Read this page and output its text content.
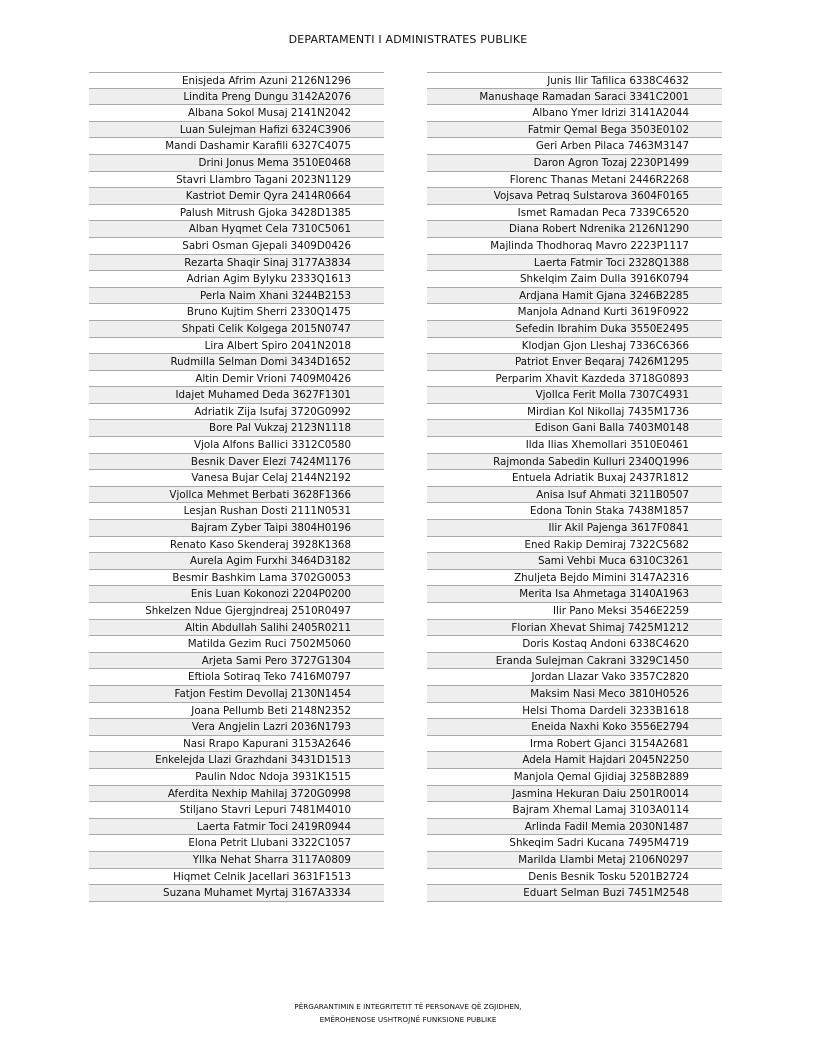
DEPARTAMENTI I ADMINISTRATES PUBLIKE
Enisjeda Afrim Azuni 2126N1296
Lindita Preng Dungu 3142A2076
Albana Sokol Musaj 2141N2042
Luan Sulejman Hafizi 6324C3906
Mandi Dashamir Karafili 6327C4075
Drini Jonus Mema 3510E0468
Stavri Llambro Tagani 2023N1129
Kastriot Demir Qyra 2414R0664
Palush Mitrush Gjoka 3428D1385
Alban Hyqmet Cela 7310C5061
Sabri Osman Gjepali 3409D0426
Rezarta Shaqir Sinaj 3177A3834
Adrian Agim Bylyku 2333Q1613
Perla Naim Xhani 3244B2153
Bruno Kujtim Sherri 2330Q1475
Shpati Celik Kolgega 2015N0747
Lira Albert Spiro 2041N2018
Rudmilla Selman Domi 3434D1652
Altin Demir Vrioni 7409M0426
Idajet Muhamed Deda 3627F1301
Adriatik Zija Isufaj 3720G0992
Bore Pal Vukzaj 2123N1118
Vjola Alfons Ballici 3312C0580
Besnik Daver Elezi 7424M1176
Vanesa Bujar Celaj 2144N2192
Vjollca Mehmet Berbati 3628F1366
Lesjan Rushan Dosti 2111N0531
Bajram Zyber Taipi 3804H0196
Renato Kaso Skenderaj 3928K1368
Aurela Agim Furxhi 3464D3182
Besmir Bashkim Lama 3702G0053
Enis Luan Kokonozi 2204P0200
Shkelzen Ndue Gjergjndreaj 2510R0497
Altin Abdullah Salihi 2405R0211
Matilda Gezim Ruci 7502M5060
Arjeta Sami Pero 3727G1304
Eftiola Sotiraq Teko 7416M0797
Fatjon Festim Devollaj 2130N1454
Joana Pellumb Beti 2148N2352
Vera Angjelin Lazri 2036N1793
Nasi Rrapo Kapurani 3153A2646
Enkelejda Llazi Grazhdani 3431D1513
Paulin Ndoc Ndoja 3931K1515
Aferdita Nexhip Mahilaj 3720G0998
Stiljano Stavri Lepuri 7481M4010
Laerta Fatmir Toci 2419R0944
Elona Petrit Llubani 3322C1057
Yllka Nehat Sharra 3117A0809
Hiqmet Celnik Jacellari 3631F1513
Suzana Muhamet Myrtaj 3167A3334
Junis Ilir Tafilica 6338C4632
Manushaqe Ramadan Saraci 3341C2001
Albano Ymer Idrizi 3141A2044
Fatmir Qemal Bega 3503E0102
Geri Arben Pilaca 7463M3147
Daron Agron Tozaj 2230P1499
Florenc Thanas Metani 2446R2268
Vojsava Petraq Sulstarova 3604F0165
Ismet Ramadan Peca 7339C6520
Diana Robert Ndrenika 2126N1290
Majlinda Thodhoraq Mavro 2223P1117
Laerta Fatmir Toci 2328Q1388
Shkelqim Zaim Dulla 3916K0794
Ardjana Hamit Gjana 3246B2285
Manjola Adnand Kurti 3619F0922
Sefedin Ibrahim Duka 3550E2495
Klodjan Gjon Lleshaj 7336C6366
Patriot Enver Beqaraj 7426M1295
Perparim Xhavit Kazdeda 3718G0893
Vjollca Ferit Molla 7307C4931
Mirdian Kol Nikollaj 7435M1736
Edison Gani Balla 7403M0148
Ilda Ilias Xhemollari 3510E0461
Rajmonda Sabedin Kulluri 2340Q1996
Entuela Adriatik Buxaj 2437R1812
Anisa Isuf Ahmati 3211B0507
Edona Tonin Staka 7438M1857
Ilir Akil Pajenga 3617F0841
Ened Rakip Demiraj 7322C5682
Sami Vehbi Muca 6310C3261
Zhuljeta Bejdo Mimini 3147A2316
Merita Isa Ahmetaga 3140A1963
Ilir Pano Meksi 3546E2259
Florian Xhevat Shimaj 7425M1212
Doris Kostaq Andoni 6338C4620
Eranda Sulejman Cakrani 3329C1450
Jordan Llazar Vako 3357C2820
Maksim Nasi Meco 3810H0526
Helsi Thoma Dardeli 3233B1618
Eneida Naxhi Koko 3556E2794
Irma Robert Gjanci 3154A2681
Adela Hamit Hajdari 2045N2250
Manjola Qemal Gjidiaj 3258B2889
Jasmina Hekuran Daiu 2501R0014
Bajram Xhemal Lamaj 3103A0114
Arlinda Fadil Memia 2030N1487
Shkeqim Sadri Kucana 7495M4719
Marilda Llambi Metaj 2106N0297
Denis Besnik Tosku 5201B2724
Eduart Selman Buzi 7451M2548
PËRGARANTIMIN E INTEGRITETIT TË PERSONAVE QË ZGJIDHEN,
EMËROHENOSE USHTROJNË FUNKSIONE PUBLIKE
